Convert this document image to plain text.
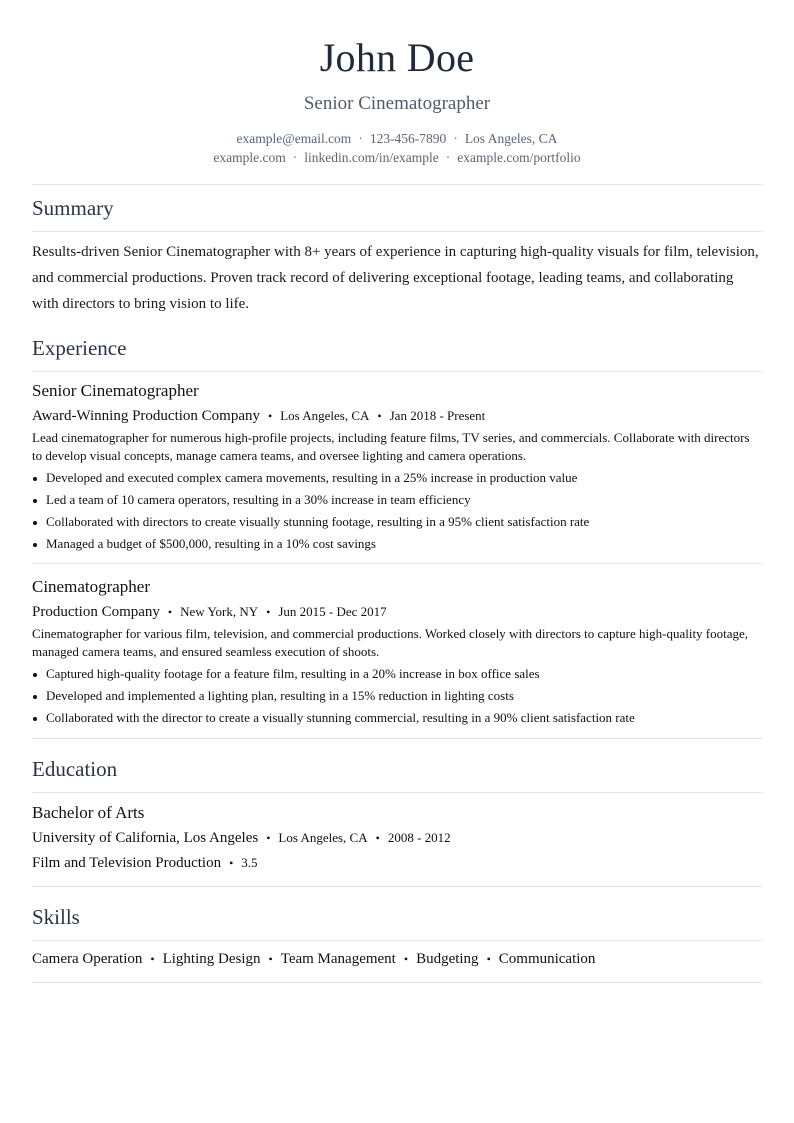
John Doe
Senior Cinematographer
example@email.com · 123-456-7890 · Los Angeles, CA
example.com · linkedin.com/in/example · example.com/portfolio
Summary

Results-driven Senior Cinematographer with 8+ years of experience in capturing high-quality visuals for film, television, and commercial productions. Proven track record of delivering exceptional footage, leading teams, and collaborating with directors to bring vision to life.

Experience
Senior Cinematographer
Award-Winning Production Company • Los Angeles, CA • Jan 2018 - Present

Lead cinematographer for numerous high-profile projects, including feature films, TV series, and commercials. Collaborate with directors to develop visual concepts, manage camera teams, and oversee lighting and camera operations.

Developed and executed complex camera movements, resulting in a 25% increase in production value
Led a team of 10 camera operators, resulting in a 30% increase in team efficiency
Collaborated with directors to create visually stunning footage, resulting in a 95% client satisfaction rate
Managed a budget of $500,000, resulting in a 10% cost savings
Cinematographer
Production Company • New York, NY • Jun 2015 - Dec 2017

Cinematographer for various film, television, and commercial productions. Worked closely with directors to capture high-quality footage, managed camera teams, and ensured seamless execution of shoots.

Captured high-quality footage for a feature film, resulting in a 20% increase in box office sales
Developed and implemented a lighting plan, resulting in a 15% reduction in lighting costs
Collaborated with the director to create a visually stunning commercial, resulting in a 90% client satisfaction rate
Education
Bachelor of Arts
University of California, Los Angeles • Los Angeles, CA • 2008 - 2012
Film and Television Production • 3.5
Skills
Camera Operation • Lighting Design • Team Management • Budgeting • Communication
